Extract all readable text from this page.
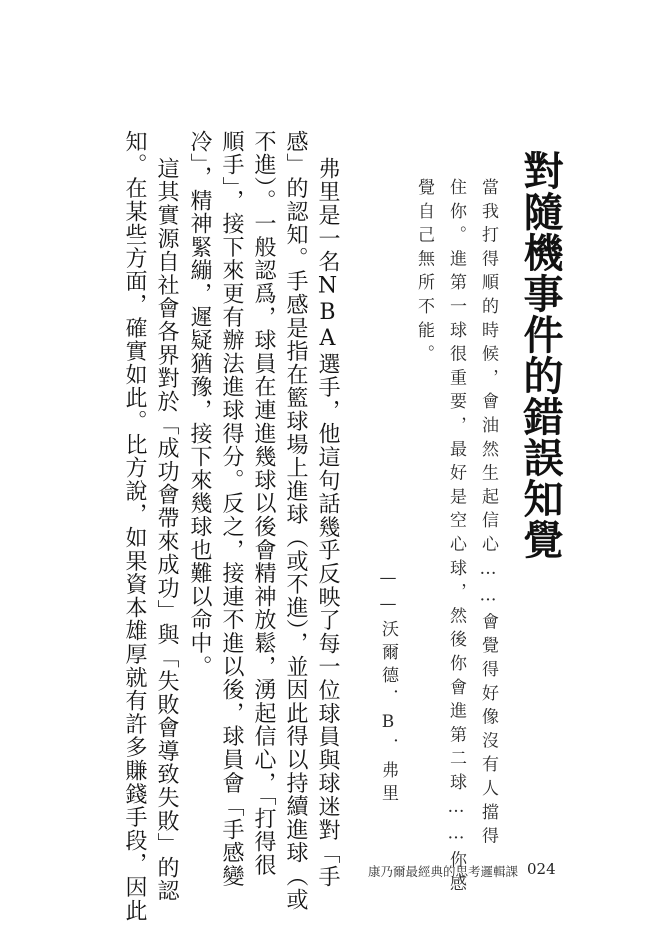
對隨機事件的錯誤知覺
當我打得順的時候，會油然生起信心……會覺得好像沒有人擋得
住你。進第一球很重要，最好是空心球，然後你會進第二球……你感
覺自己無所不能。
——沃爾德．B．弗里
弗里是一名NBA選手，他這句話幾乎反映了每一位球員與球迷對「手
感」的認知。手感是指在籃球場上進球（或不進），並因此得以持續進球（或
不進）。一般認爲，球員在連進幾球以後會精神放鬆，湧起信心，「打得很
順手」，接下來更有辦法進球得分。反之，接連不進以後，球員會「手感變
冷」，精神緊繃，遲疑猶豫，接下來幾球也難以命中。
這其實源自社會各界對於「成功會帶來成功」與「失敗會導致失敗」的認
知。在某些方面，確實如此。比方說，如果資本雄厚就有許多賺錢手段，因此	康乃爾最經典的思考邏輯課 024
